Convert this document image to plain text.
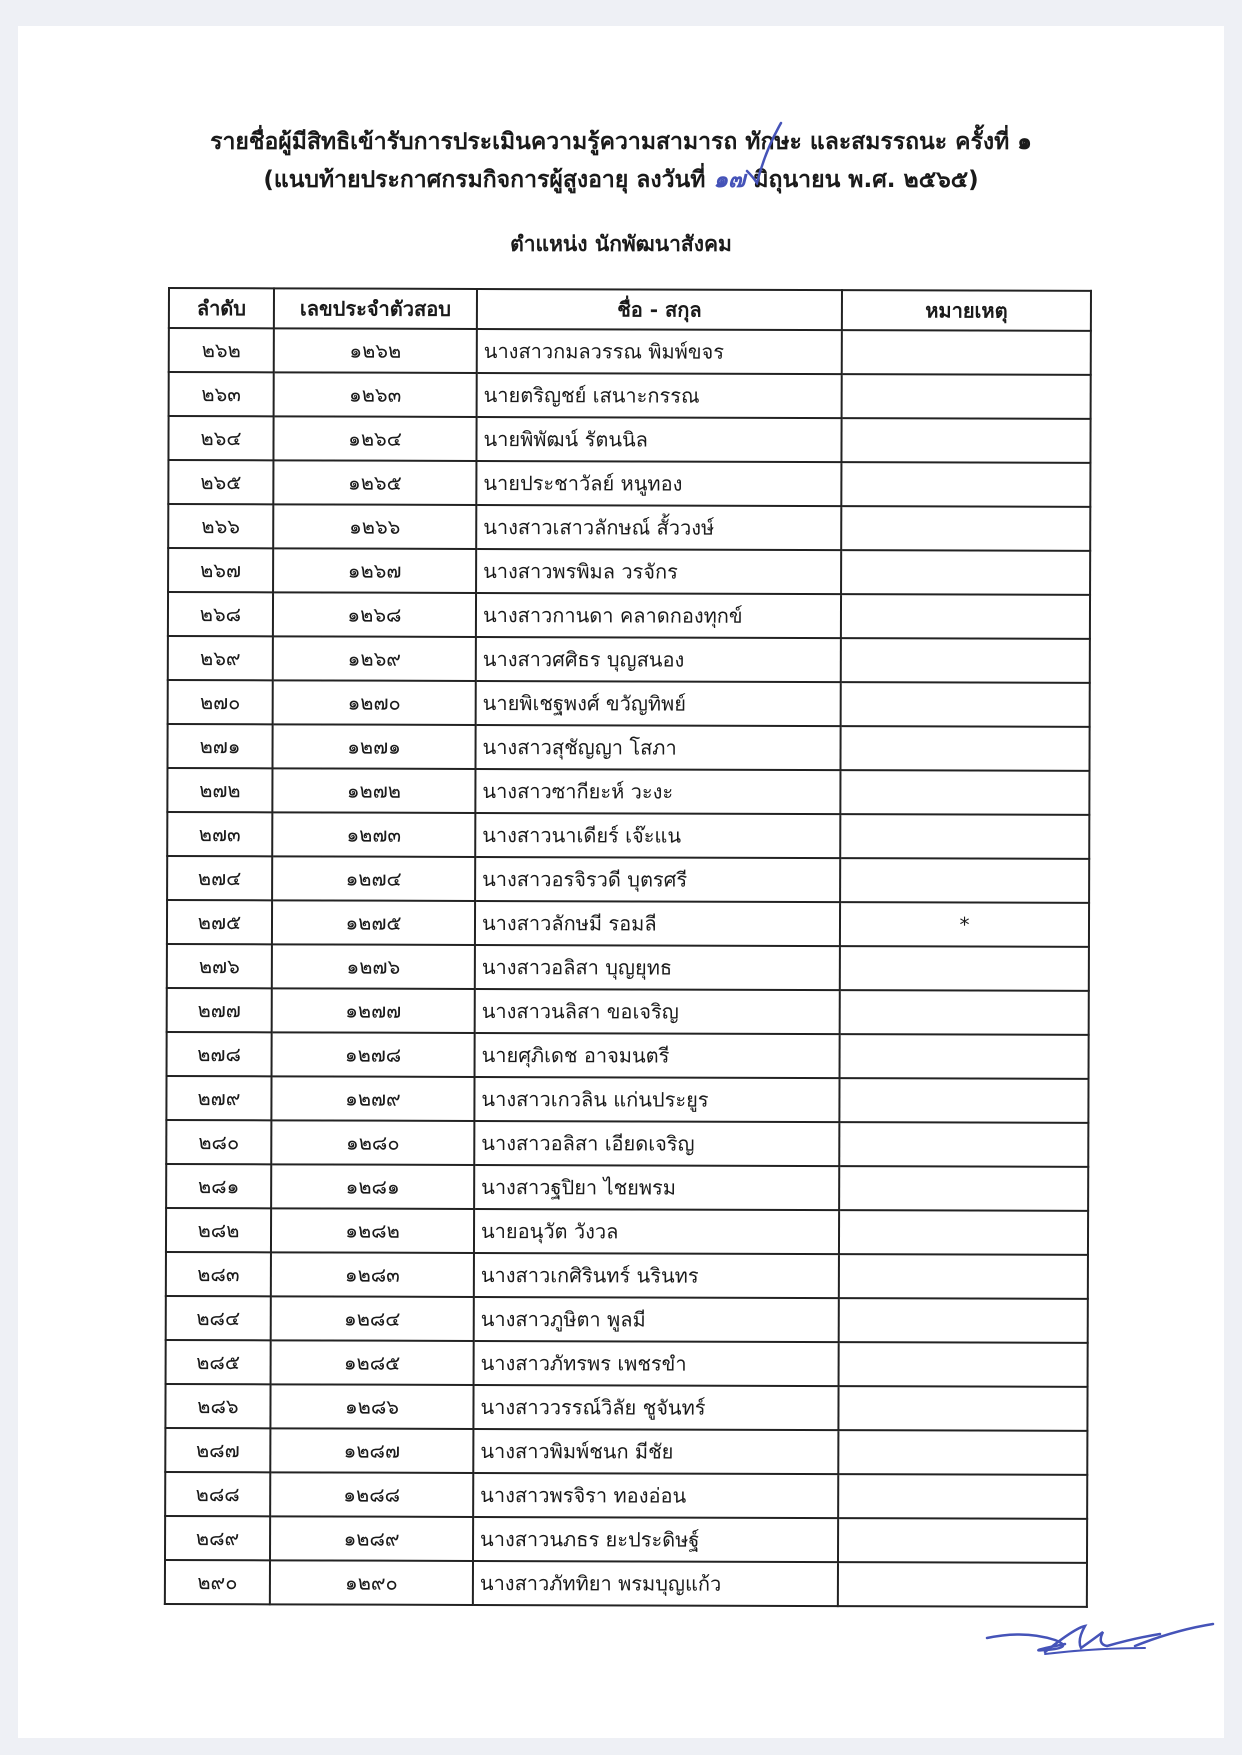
รายชื่อผู้มีสิทธิเข้ารับการประเมินความรู้ความสามารถ ทักษะ และสมรรถนะ ครั้งที่ ๑
(แนบท้ายประกาศกรมกิจการผู้สูงอายุ ลงวันที่ ๑๗ มิถุนายน พ.ศ. ๒๕๖๕)
ตำแหน่ง นักพัฒนาสังคม
ลำดับ	เลขประจำตัวสอบ	ชื่อ - สกุล	หมายเหตุ
๒๖๒	๑๒๖๒	นางสาวกมลวรรณ พิมพ์ขจร	
๒๖๓	๑๒๖๓	นายตริญชย์ เสนาะกรรณ	
๒๖๔	๑๒๖๔	นายพิพัฒน์ รัตนนิล	
๒๖๕	๑๒๖๕	นายประชาวัลย์ หนูทอง	
๒๖๖	๑๒๖๖	นางสาวเสาวลักษณ์ สั้ววงษ์	
๒๖๗	๑๒๖๗	นางสาวพรพิมล วรจักร	
๒๖๘	๑๒๖๘	นางสาวกานดา คลาดกองทุกข์	
๒๖๙	๑๒๖๙	นางสาวศศิธร บุญสนอง	
๒๗๐	๑๒๗๐	นายพิเชฐพงศ์ ขวัญทิพย์	
๒๗๑	๑๒๗๑	นางสาวสุชัญญา โสภา	
๒๗๒	๑๒๗๒	นางสาวซากียะห์ วะงะ	
๒๗๓	๑๒๗๓	นางสาวนาเดียร์ เจ๊ะแน	
๒๗๔	๑๒๗๔	นางสาวอรจิรวดี บุตรศรี	
๒๗๕	๑๒๗๕	นางสาวลักษมี รอมลี	*
๒๗๖	๑๒๗๖	นางสาวอลิสา บุญยุทธ	
๒๗๗	๑๒๗๗	นางสาวนลิสา ขอเจริญ	
๒๗๘	๑๒๗๘	นายศุภิเดช อาจมนตรี	
๒๗๙	๑๒๗๙	นางสาวเกวลิน แก่นประยูร	
๒๘๐	๑๒๘๐	นางสาวอลิสา เอียดเจริญ	
๒๘๑	๑๒๘๑	นางสาวฐปิยา ไชยพรม	
๒๘๒	๑๒๘๒	นายอนุวัต วังวล	
๒๘๓	๑๒๘๓	นางสาวเกศิรินทร์ นรินทร	
๒๘๔	๑๒๘๔	นางสาวภูษิตา พูลมี	
๒๘๕	๑๒๘๕	นางสาวภัทรพร เพชรขำ	
๒๘๖	๑๒๘๖	นางสาววรรณ์วิลัย ชูจันทร์	
๒๘๗	๑๒๘๗	นางสาวพิมพ์ชนก มีชัย	
๒๘๘	๑๒๘๘	นางสาวพรจิรา ทองอ่อน	
๒๘๙	๑๒๘๙	นางสาวนภธร ยะประดิษฐ์	
๒๙๐	๑๒๙๐	นางสาวภัททิยา พรมบุญแก้ว	
